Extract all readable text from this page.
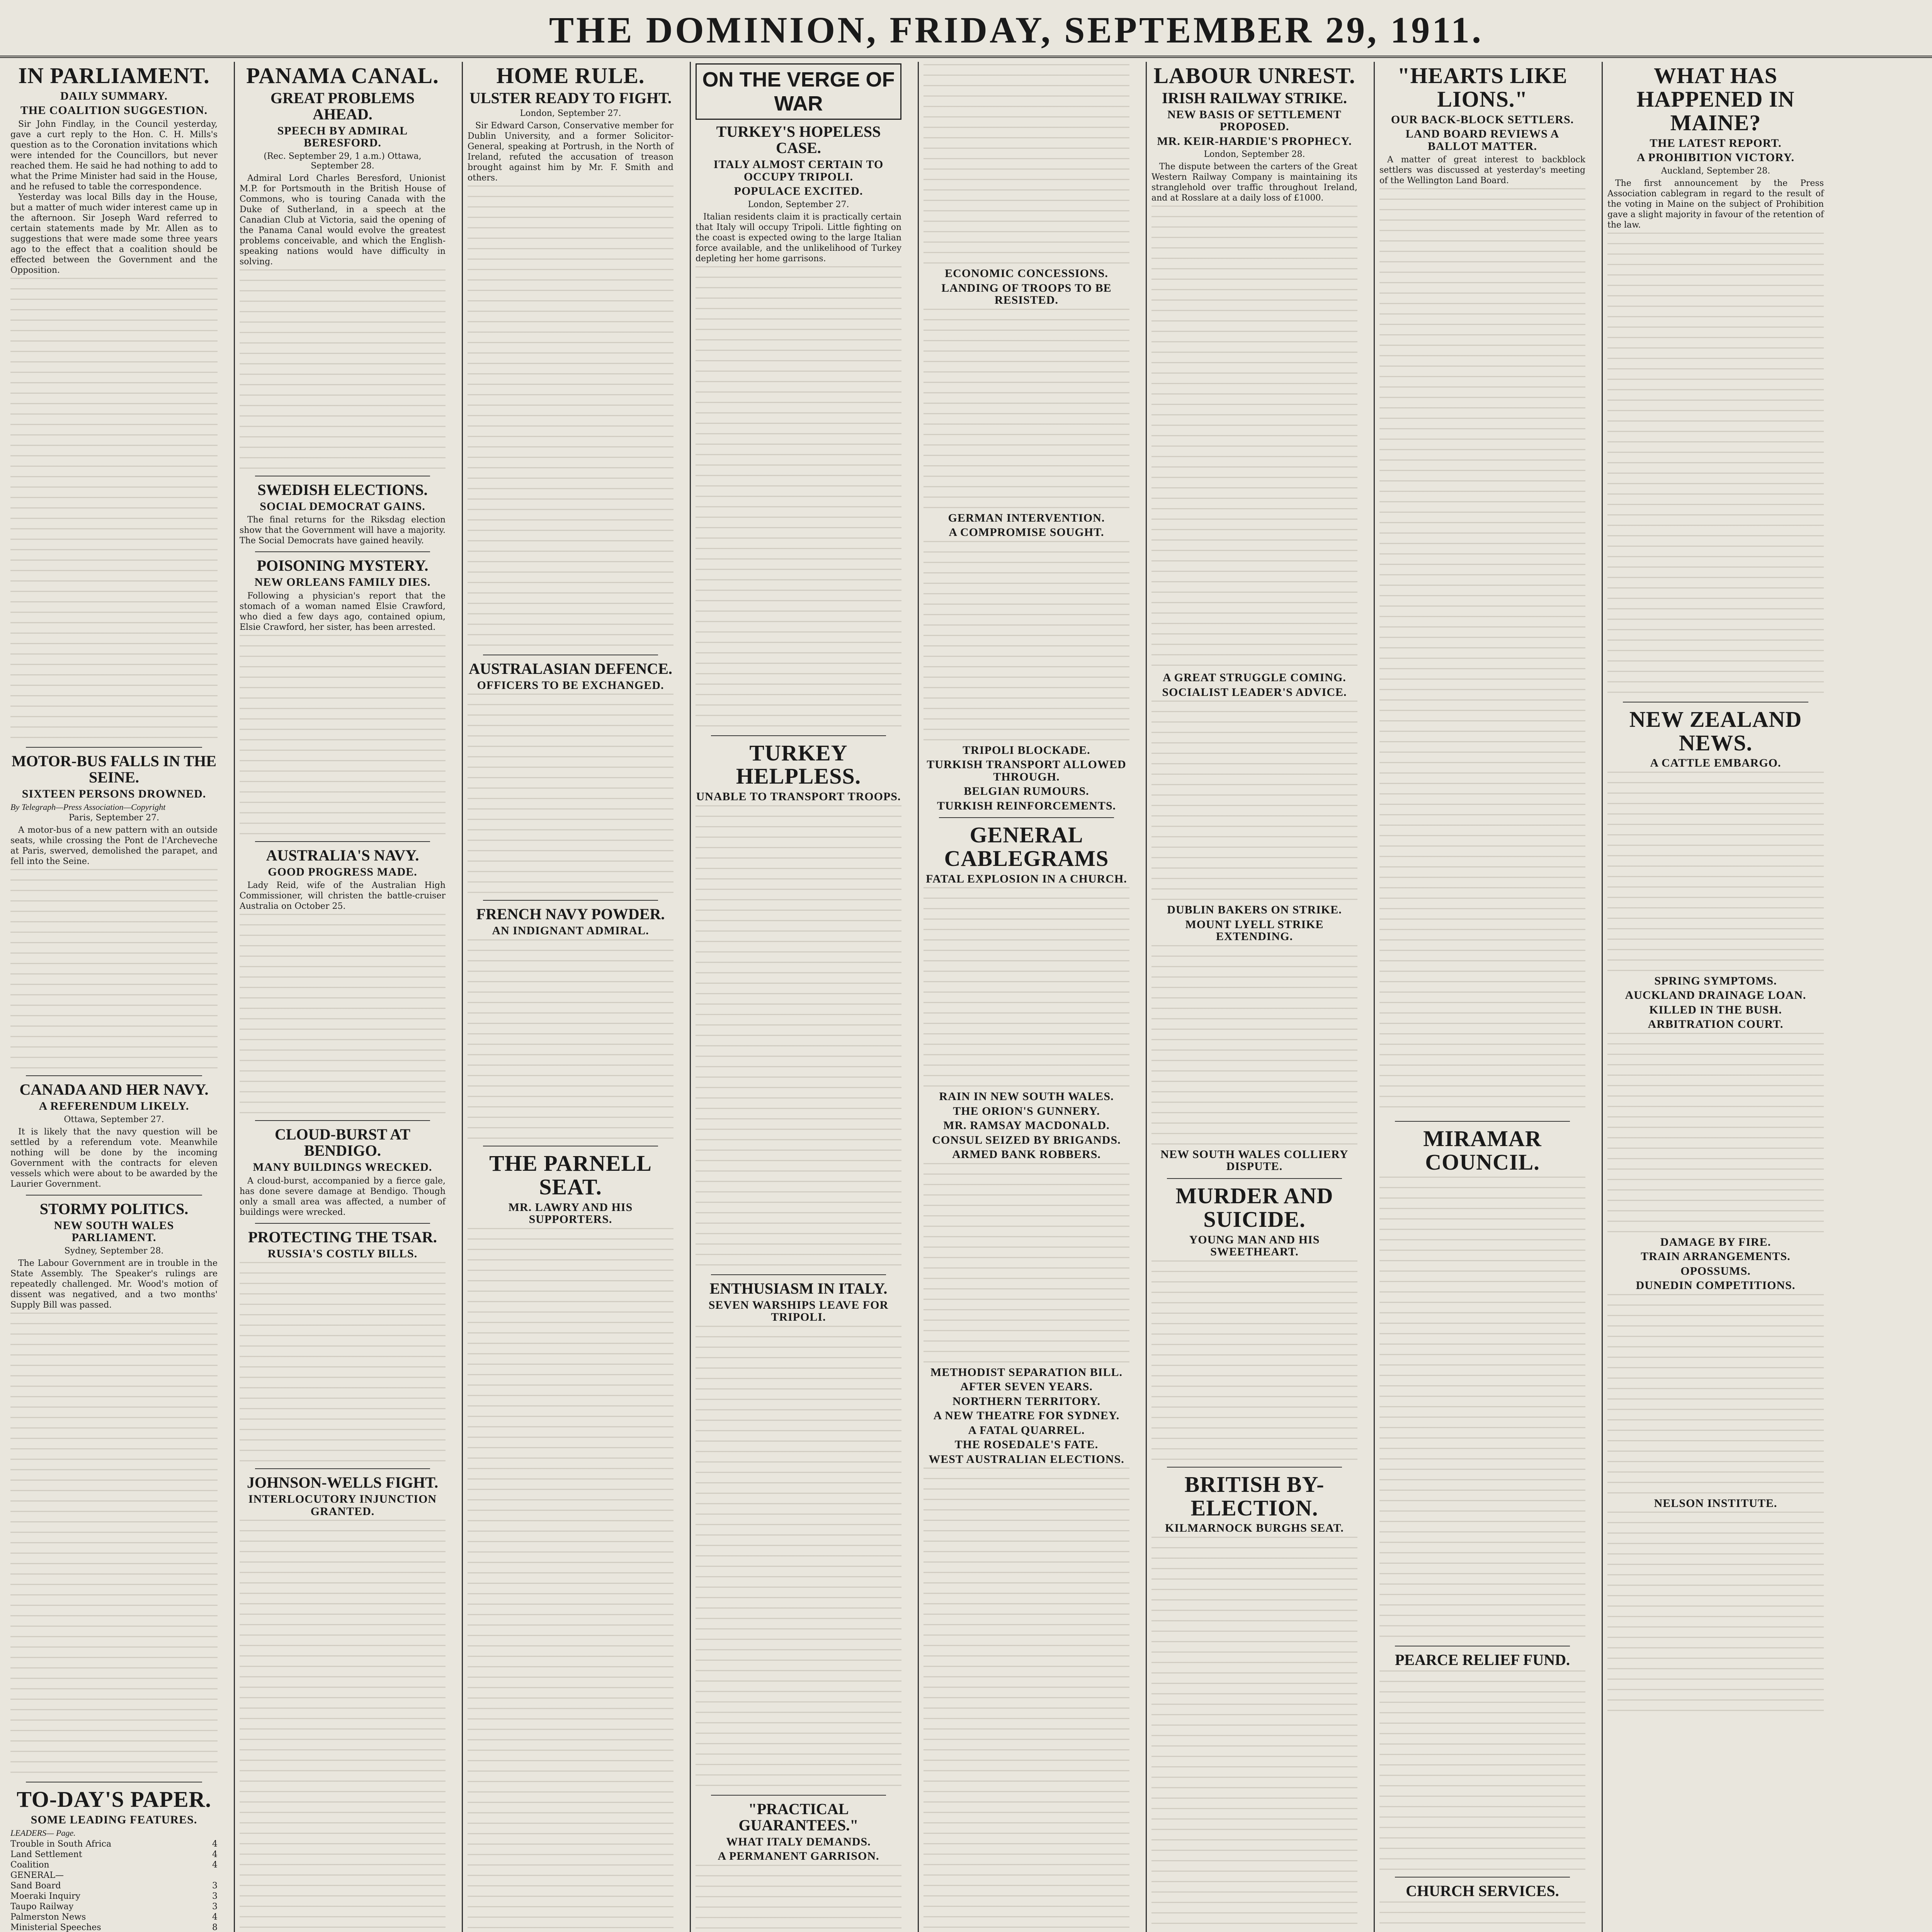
THE DOMINION, FRIDAY, SEPTEMBER 29, 1911.
IN PARLIAMENT.
DAILY SUMMARY.
THE COALITION SUGGESTION.

Sir John Findlay, in the Council yesterday, gave a curt reply to the Hon. C. H. Mills's question as to the Coronation invitations which were intended for the Councillors, but never reached them. He said he had nothing to add to what the Prime Minister had said in the House, and he refused to table the correspondence.

Yesterday was local Bills day in the House, but a matter of much wider interest came up in the afternoon. Sir Joseph Ward referred to certain statements made by Mr. Allen as to suggestions that were made some three years ago to the effect that a coalition should be effected between the Government and the Opposition.

MOTOR-BUS FALLS IN THE SEINE.
SIXTEEN PERSONS DROWNED.
By Telegraph—Press Association—Copyright
Paris, September 27.

A motor-bus of a new pattern with an outside seats, while crossing the Pont de l'Archeveche at Paris, swerved, demolished the parapet, and fell into the Seine.

CANADA AND HER NAVY.
A REFERENDUM LIKELY.
Ottawa, September 27.

It is likely that the navy question will be settled by a referendum vote. Meanwhile nothing will be done by the incoming Government with the contracts for eleven vessels which were about to be awarded by the Laurier Government.

STORMY POLITICS.
NEW SOUTH WALES PARLIAMENT.
Sydney, September 28.

The Labour Government are in trouble in the State Assembly. The Speaker's rulings are repeatedly challenged. Mr. Wood's motion of dissent was negatived, and a two months' Supply Bill was passed.

TO-DAY'S PAPER.
SOME LEADING FEATURES.
LEADERS— Page.
Trouble in South Africa	4
Land Settlement	4
Coalition	4
GENERAL—	
Sand Board	3
Moeraki Inquiry	3
Taupo Railway	3
Palmerston News	4
Ministerial Speeches	8

PANAMA CANAL.
GREAT PROBLEMS AHEAD.
SPEECH BY ADMIRAL BERESFORD.
(Rec. September 29, 1 a.m.) Ottawa, September 28.

Admiral Lord Charles Beresford, Unionist M.P. for Portsmouth in the British House of Commons, who is touring Canada with the Duke of Sutherland, in a speech at the Canadian Club at Victoria, said the opening of the Panama Canal would evolve the greatest problems conceivable, and which the English-speaking nations would have difficulty in solving.

SWEDISH ELECTIONS.
SOCIAL DEMOCRAT GAINS.

The final returns for the Riksdag election show that the Government will have a majority. The Social Democrats have gained heavily.

POISONING MYSTERY.
NEW ORLEANS FAMILY DIES.

Following a physician's report that the stomach of a woman named Elsie Crawford, who died a few days ago, contained opium, Elsie Crawford, her sister, has been arrested.

AUSTRALIA'S NAVY.
GOOD PROGRESS MADE.

Lady Reid, wife of the Australian High Commissioner, will christen the battle-cruiser Australia on October 25.

CLOUD-BURST AT BENDIGO.
MANY BUILDINGS WRECKED.

A cloud-burst, accompanied by a fierce gale, has done severe damage at Bendigo. Though only a small area was affected, a number of buildings were wrecked.

PROTECTING THE TSAR.
RUSSIA'S COSTLY BILLS.
JOHNSON-WELLS FIGHT.
INTERLOCUTORY INJUNCTION GRANTED.
HOME RULE.
ULSTER READY TO FIGHT.
London, September 27.

Sir Edward Carson, Conservative member for Dublin University, and a former Solicitor-General, speaking at Portrush, in the North of Ireland, refuted the accusation of treason brought against him by Mr. F. Smith and others.

AUSTRALASIAN DEFENCE.
OFFICERS TO BE EXCHANGED.
FRENCH NAVY POWDER.
AN INDIGNANT ADMIRAL.
THE PARNELL SEAT.
MR. LAWRY AND HIS SUPPORTERS.
ON THE VERGE OF WAR
TURKEY'S HOPELESS CASE.
ITALY ALMOST CERTAIN TO OCCUPY TRIPOLI.
POPULACE EXCITED.
London, September 27.

Italian residents claim it is practically certain that Italy will occupy Tripoli. Little fighting on the coast is expected owing to the large Italian force available, and the unlikelihood of Turkey depleting her home garrisons.

TURKEY HELPLESS.
UNABLE TO TRANSPORT TROOPS.
ENTHUSIASM IN ITALY.
SEVEN WARSHIPS LEAVE FOR TRIPOLI.
"PRACTICAL GUARANTEES."
WHAT ITALY DEMANDS.
A PERMANENT GARRISON.
ECONOMIC CONCESSIONS.
LANDING OF TROOPS TO BE RESISTED.
GERMAN INTERVENTION.
A COMPROMISE SOUGHT.
TRIPOLI BLOCKADE.
TURKISH TRANSPORT ALLOWED THROUGH.
BELGIAN RUMOURS.
TURKISH REINFORCEMENTS.
GENERAL CABLEGRAMS
FATAL EXPLOSION IN A CHURCH.
RAIN IN NEW SOUTH WALES.
THE ORION'S GUNNERY.
MR. RAMSAY MACDONALD.
CONSUL SEIZED BY BRIGANDS.
ARMED BANK ROBBERS.
METHODIST SEPARATION BILL.
AFTER SEVEN YEARS.
NORTHERN TERRITORY.
A NEW THEATRE FOR SYDNEY.
A FATAL QUARREL.
THE ROSEDALE'S FATE.
WEST AUSTRALIAN ELECTIONS.
LABOUR UNREST.
IRISH RAILWAY STRIKE.
NEW BASIS OF SETTLEMENT PROPOSED.
MR. KEIR-HARDIE'S PROPHECY.
London, September 28.

The dispute between the carters of the Great Western Railway Company is maintaining its stranglehold over traffic throughout Ireland, and at Rosslare at a daily loss of £1000.

A GREAT STRUGGLE COMING.
SOCIALIST LEADER'S ADVICE.
DUBLIN BAKERS ON STRIKE.
MOUNT LYELL STRIKE EXTENDING.
NEW SOUTH WALES COLLIERY DISPUTE.
MURDER AND SUICIDE.
YOUNG MAN AND HIS SWEETHEART.
BRITISH BY-ELECTION.
KILMARNOCK BURGHS SEAT.
"HEARTS LIKE LIONS."
OUR BACK-BLOCK SETTLERS.
LAND BOARD REVIEWS A BALLOT MATTER.

A matter of great interest to backblock settlers was discussed at yesterday's meeting of the Wellington Land Board.

MIRAMAR COUNCIL.
PEARCE RELIEF FUND.
CHURCH SERVICES.
WHAT HAS HAPPENED IN MAINE?
THE LATEST REPORT.
A PROHIBITION VICTORY.
Auckland, September 28.

The first announcement by the Press Association cablegram in regard to the result of the voting in Maine on the subject of Prohibition gave a slight majority in favour of the retention of the law.

NEW ZEALAND NEWS.
A CATTLE EMBARGO.
SPRING SYMPTOMS.
AUCKLAND DRAINAGE LOAN.
KILLED IN THE BUSH.
ARBITRATION COURT.
DAMAGE BY FIRE.
TRAIN ARRANGEMENTS.
OPOSSUMS.
DUNEDIN COMPETITIONS.
NELSON INSTITUTE.
